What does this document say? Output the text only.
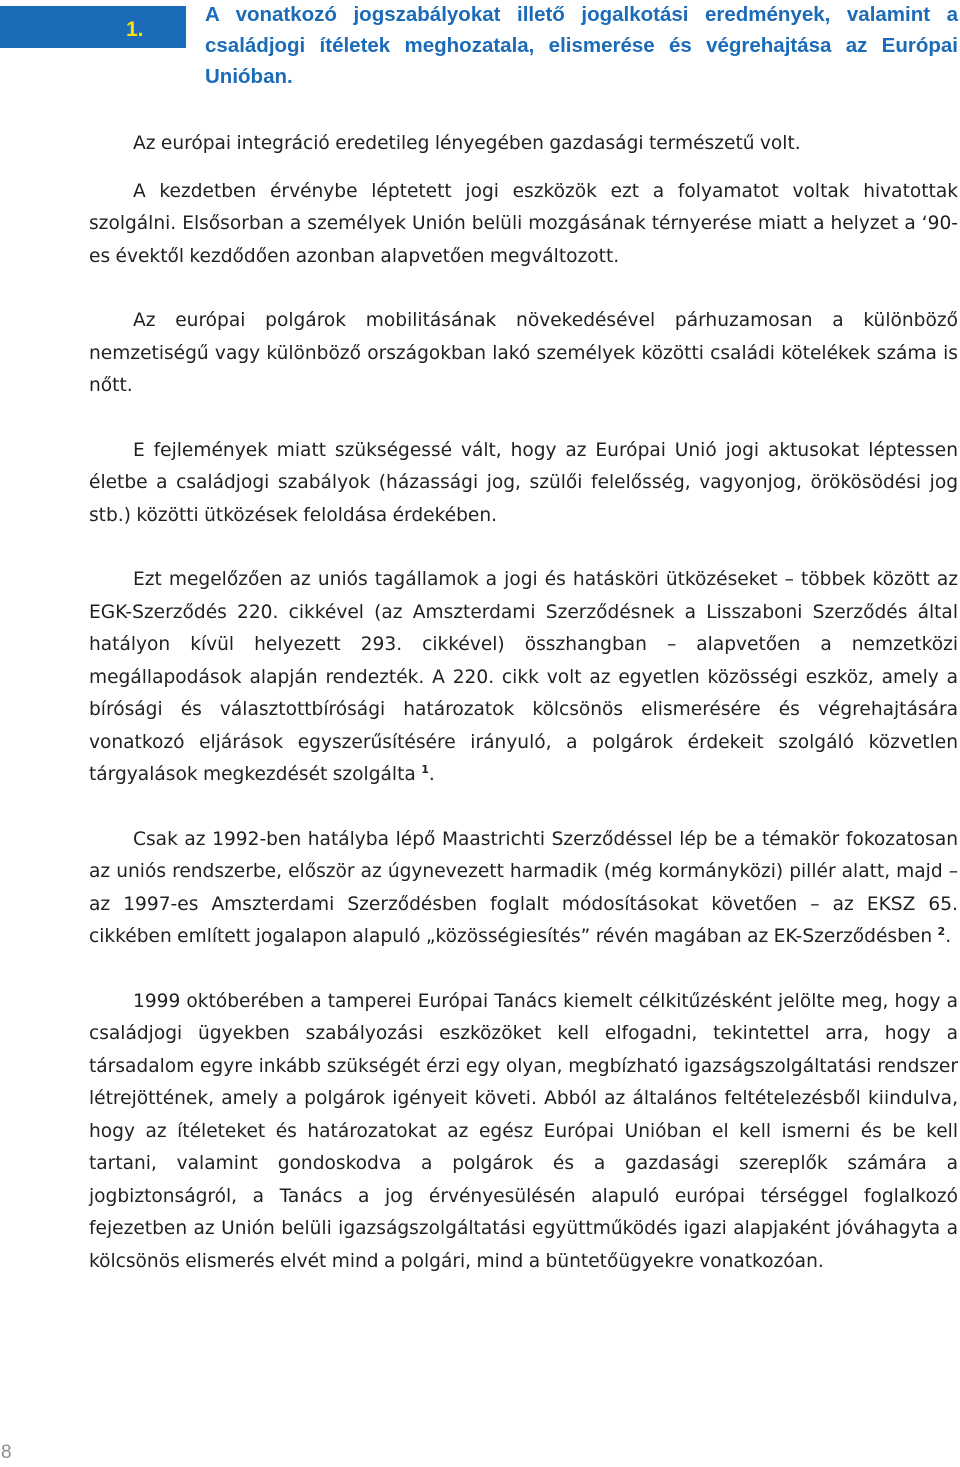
1.
A vonatkozó jogszabályokat illető jogalkotási eredmények, valamint a családjogi ítéletek meghozatala, elismerése és végrehajtása az Európai Unióban.

Az európai integráció eredetileg lényegében gazdasági természetű volt.

A kezdetben érvénybe léptetett jogi eszközök ezt a folyamatot voltak hivatottak szolgálni. Elsősorban a személyek Unión belüli mozgásának térnyerése miatt a helyzet a ‘90-es évektől kezdődően azonban alapvetően megváltozott.

Az európai polgárok mobilitásának növekedésével párhuzamosan a különböző nemzetiségű vagy különböző országokban lakó személyek közötti családi kötelékek száma is nőtt.

E fejlemények miatt szükségessé vált, hogy az Európai Unió jogi aktusokat léptessen életbe a családjogi szabályok (házassági jog, szülői felelősség, vagyonjog, örökösödési jog stb.) közötti ütközések feloldása érdekében.

Ezt megelőzően az uniós tagállamok a jogi és hatásköri ütközéseket – többek között az EGK-Szerződés 220. cikkével (az Amszterdami Szerződésnek a Lisszaboni Szerződés által hatályon kívül helyezett 293. cikkével) összhangban – alapvetően a nemzetközi megállapodások alapján rendezték. A 220. cikk volt az egyetlen közösségi eszköz, amely a bírósági és választottbírósági határozatok kölcsönös elismerésére és végrehajtására vonatkozó eljárások egyszerűsítésére irányuló, a polgárok érdekeit szolgáló közvetlen tárgyalások megkezdését szolgálta $^1$.

Csak az 1992-ben hatályba lépő Maastrichti Szerződéssel lép be a témakör fokozatosan az uniós rendszerbe, először az úgynevezett harmadik (még kormányközi) pillér alatt, majd – az 1997-es Amszterdami Szerződésben foglalt módosításokat követően – az EKSZ 65. cikkében említett jogalapon alapuló „közösségiesítés” révén magában az EK-Szerződésben $^2$.

1999 októberében a tamperei Európai Tanács kiemelt célkitűzésként jelölte meg, hogy a családjogi ügyekben szabályozási eszközöket kell elfogadni, tekintettel arra, hogy a társadalom egyre inkább szükségét érzi egy olyan, megbízható igazságszolgáltatási rendszer létrejöttének, amely a polgárok igényeit követi. Abból az általános feltételezésből kiindulva, hogy az ítéleteket és határozatokat az egész Európai Unióban el kell ismerni és be kell tartani, valamint gondoskodva a polgárok és a gazdasági szereplők számára a jogbiztonságról, a Tanács a jog érvényesülésén alapuló európai térséggel foglalkozó fejezetben az Unión belüli igazságszolgáltatási együttműködés igazi alapjaként jóváhagyta a kölcsönös elismerés elvét mind a polgári, mind a büntetőügyekre vonatkozóan.

8
